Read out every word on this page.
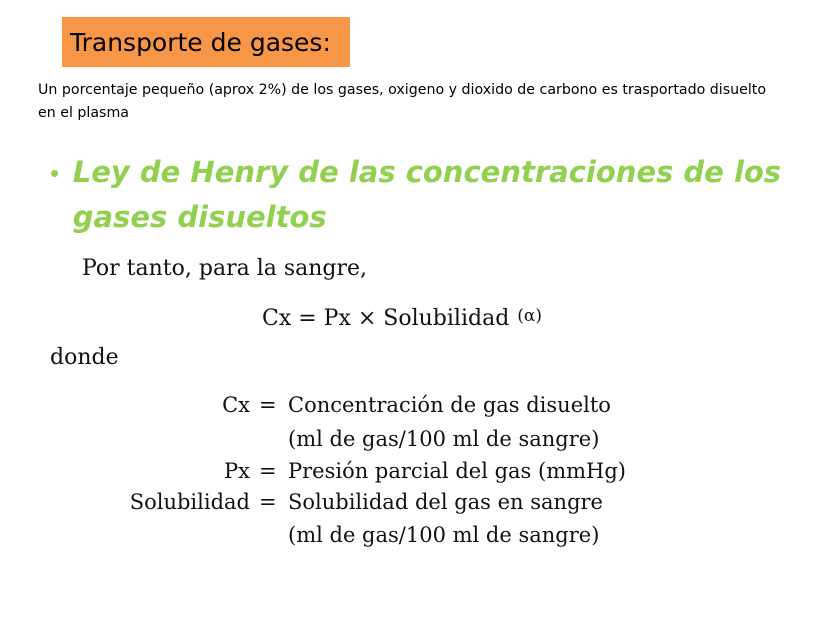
Transporte de gases:
Un porcentaje pequeño (aprox 2%) de los gases, oxigeno y dioxido de carbono es trasportado disuelto en el plasma
• Ley de Henry de las concentraciones de los gases disueltos
Por tanto, para la sangre,
Cx = Px × Solubilidad (α)
donde
Cx = Concentración de gas disuelto
(ml de gas/100 ml de sangre)
Px = Presión parcial del gas (mmHg)
Solubilidad = Solubilidad del gas en sangre
(ml de gas/100 ml de sangre)
